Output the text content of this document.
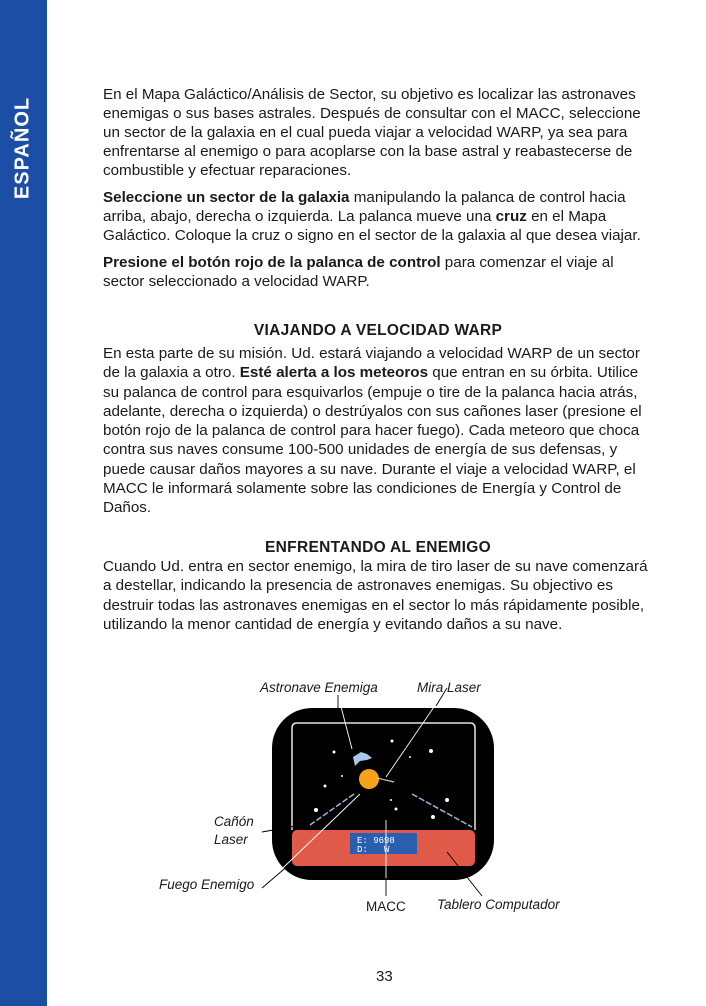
ESPAÑOL

En el Mapa Galáctico/Análisis de Sector, su objetivo es localizar las astronaves enemigas o sus bases astrales. Después de consultar con el MACC, seleccione un sector de la galaxia en el cual pueda viajar a velocidad WARP, ya sea para enfrentarse al enemigo o para acoplarse con la base astral y reabastecerse de combustible y efectuar reparaciones.

Seleccione un sector de la galaxia manipulando la palanca de control hacia arriba, abajo, derecha o izquierda. La palanca mueve una cruz en el Mapa Galáctico. Coloque la cruz o signo en el sector de la galaxia al que desea viajar.

Presione el botón rojo de la palanca de control para comenzar el viaje al sector seleccionado a velocidad WARP.

VIAJANDO A VELOCIDAD WARP

En esta parte de su misión. Ud. estará viajando a velocidad WARP de un sector de la galaxia a otro. Esté alerta a los meteoros que entran en su órbita. Utilice su palanca de control para esquivarlos (empuje o tire de la palanca hacia atrás, adelante, derecha o izquierda) o destrúyalos con sus cañones laser (presione el botón rojo de la palanca de control para hacer fuego). Cada meteoro que choca contra sus naves consume 100-500 unidades de energía de sus defensas, y puede causar daños mayores a su nave. Durante el viaje a velocidad WARP, el MACC le informará solamente sobre las condiciones de Energía y Control de Daños.

ENFRENTANDO AL ENEMIGO

Cuando Ud. entra en sector enemigo, la mira de tiro laser de su nave comenzará a destellar, indicando la presencia de astronaves enemigas. Su objectivo es destruir todas las astronaves enemigas en el sector lo más rápidamente posible, utilizando la menor cantidad de energía y evitando daños a su nave.

E: 9698
D:   W
Astronave Enemiga	Mira Laser
Cañón
Laser
Fuego Enemigo
MACC Tablero Computador
33
